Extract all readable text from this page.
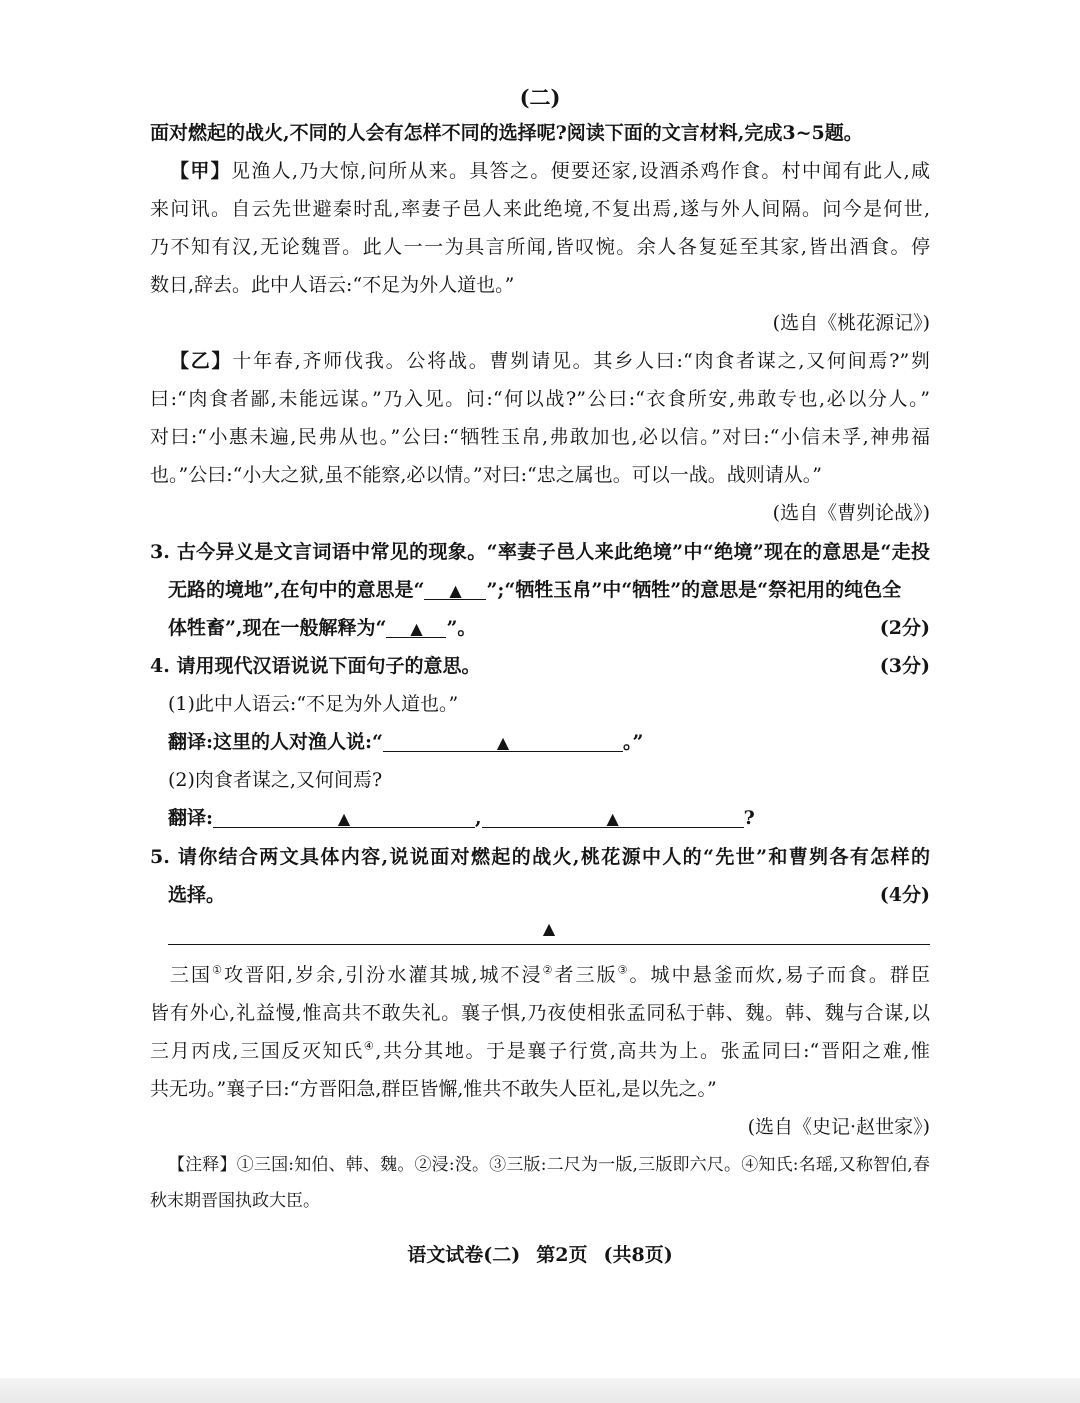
(二)
面对燃起的战火,不同的人会有怎样不同的选择呢?阅读下面的文言材料,完成3~5题。
【甲】见渔人,乃大惊,问所从来。具答之。便要还家,设酒杀鸡作食。村中闻有此人,咸
来问讯。自云先世避秦时乱,率妻子邑人来此绝境,不复出焉,遂与外人间隔。问今是何世,
乃不知有汉,无论魏晋。此人一一为具言所闻,皆叹惋。余人各复延至其家,皆出酒食。停
数日,辞去。此中人语云:“不足为外人道也。”
(选自《桃花源记》)
【乙】十年春,齐师伐我。公将战。曹刿请见。其乡人曰:“肉食者谋之,又何间焉?”刿
曰:“肉食者鄙,未能远谋。”乃入见。问:“何以战?”公曰:“衣食所安,弗敢专也,必以分人。”
对曰:“小惠未遍,民弗从也。”公曰:“牺牲玉帛,弗敢加也,必以信。”对曰:“小信未孚,神弗福
也。”公曰:“小大之狱,虽不能察,必以情。”对曰:“忠之属也。可以一战。战则请从。”
(选自《曹刿论战》)
3. 古今异义是文言词语中常见的现象。“率妻子邑人来此绝境”中“绝境”现在的意思是“走投
无路的境地”,在句中的意思是“ ▲ ”;“牺牲玉帛”中“牺牲”的意思是“祭祀用的纯色全
体牲畜”,现在一般解释为“ ▲ ”。	(2分)
4. 请用现代汉语说说下面句子的意思。	(3分)
(1)此中人语云:“不足为外人道也。”
翻译:这里的人对渔人说:“	▲	。”
(2)肉食者谋之,又何间焉?
翻译:	▲	,	▲	?
5. 请你结合两文具体内容,说说面对燃起的战火,桃花源中人的“先世”和曹刿各有怎样的
选择。	(4分)
▲
三国①攻晋阳,岁余,引汾水灌其城,城不浸②者三版③。城中悬釜而炊,易子而食。群臣
皆有外心,礼益慢,惟高共不敢失礼。襄子惧,乃夜使相张孟同私于韩、魏。韩、魏与合谋,以
三月丙戌,三国反灭知氏④,共分其地。于是襄子行赏,高共为上。张孟同曰:“晋阳之难,惟
共无功。”襄子曰:“方晋阳急,群臣皆懈,惟共不敢失人臣礼,是以先之。”
(选自《史记·赵世家》)
【注释】①三国:知伯、韩、魏。②浸:没。③三版:二尺为一版,三版即六尺。④知氏:名瑶,又称智伯,春
秋末期晋国执政大臣。
语文试卷(二) 第2页 (共8页)
